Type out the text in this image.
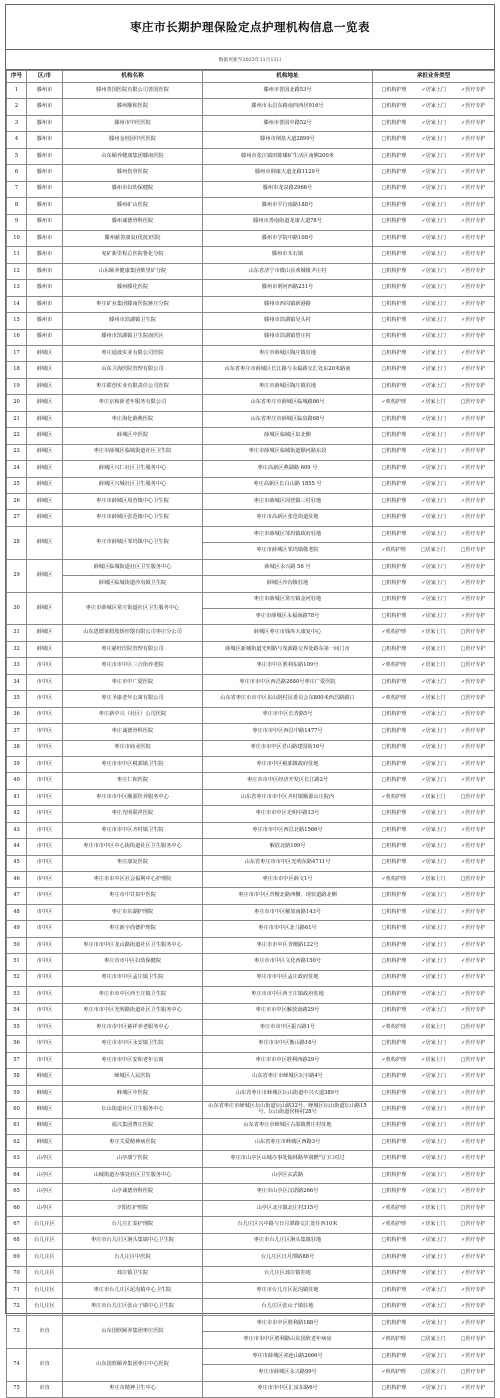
枣庄市长期护理保险定点护理机构信息一览表
数据更新至2025年11月13日
序号	区/市	机构名称	机构地址	承担业务类型
1	滕州市	滕州善国医院有限公司善国医院	滕州市善国北路53号	□机构护理 ✓居家上门 ✓医疗专护

2	滕州市	滕州顺和医院	滕州市永昌东路南四西居916号	□机构护理 ✓居家上门 ✓医疗专护

3	滕州市	滕州市中医医院	滕州市善国中路52号	□机构护理 ✓居家上门 ✓医疗专护

4	滕州市	滕州金桂园中医医院	滕州市荆泉大道2899号	□机构护理 ✓居家上门 ✓医疗专护

5	滕州市	山东颐养健康集团滕南医院	滕州市张汪镇田陈煤矿生活区南侧200米	□机构护理 ✓居家上门 ✓医疗专护

6	滕州市	滕州伤骨医院	滕州市荆康大道北路1129号	□机构护理 ✓居家上门 ✓医疗专护

7	滕州市	滕州市妇幼保健院	滕州市龙泉路2966号	□机构护理 ✓居家上门 ✓医疗专护

8	滕州市	滕州矿山医院	滕州市平行南路188号	□机构护理 ✓居家上门 ✓医疗专护

9	滕州市	滕州诚德骨科医院	滕州市善南街道龙康大道78号	□机构护理 ✓居家上门 ✓医疗专护

10	滕州市	滕州慈善康复(优抚)医院	滕州市学院中路108号	□机构护理 ✓居家上门 ✓医疗专护

11	滕州市	兖矿新里程总医院鲁化分院	滕州市木石镇	□机构护理 ✓居家上门 ✓医疗专护

12	滕州市	山东颐养健康集团柴里矿分院	山东省济宁市微山县欢城镇尹庄村	□机构护理 ✓居家上门 ✓医疗专护

13	滕州市	滕州滕化医院	滕州市荆河西路231号	□机构护理 ✓居家上门 ✓医疗专护

14	滕州市	枣庄矿业集团滕南医院蒋庄分院	滕州市西岗镇新港路	□机构护理 ✓居家上门 ✓医疗专护

15	滕州市	滕州市滨湖镇卫生院	滕州市滨湖镇吴头村	□机构护理 ✓居家上门 ✓医疗专护

16	滕州市	滕州市滨湖镇卫生院南医区	滕州市滨湖镇望庄村	□机构护理 ✓居家上门 ✓医疗专护

17	薛城区	枣庄通晟实业有限公司医院	枣庄市薛城区陶庄镇驻地	□机构护理 ✓居家上门 ✓医疗专护

18	薛城区	山东卫海医院管理有限公司	山东省枣庄市薛城区长江路与永福路交汇处东20米路南	□机构护理 ✓居家上门 ✓医疗专护

19	薛城区	枣庄联创实业有限责任公司医院	枣庄市薛城区陶庄镇驻地	□机构护理 ✓居家上门 ✓医疗专护

20	薛城区	枣庄京和新老年服务有限公司	山东省枣庄市薛城区临城路86号	✓机构护理 ✓居家上门 □医疗专护

21	薛城区	枣庄海化薛燕医院	山东省枣庄市薛城区临泉路68号	□机构护理 ✓居家上门 ✓医疗专护

22	薛城区	薛城区中医院	薛城区临城区泉北侧	□机构护理 ✓居家上门 ✓医疗专护

23	薛城区	枣庄市薛城区临城街道社区卫生院	枣庄市薛城区临城街道顺河路东段	□机构护理 ✓居家上门 ✓医疗专护

24	薛城区	薛城区兴仁社区卫生服务中心	枣庄高新区燕湖路 609 号	□机构护理 ✓居家上门 ✓医疗专护

25	薛城区	薛城区兴城社区卫生服务中心	枣庄高新区长白山路 1855 号	□机构护理 ✓居家上门 ✓医疗专护

26	薛城区	枣庄市薛城区周营镇中心卫生院	枣庄市薛城区周营镇三村驻地	□机构护理 ✓居家上门 ✓医疗专护

27	薛城区	枣庄市薛城区张范镇中心卫生院	枣庄市高新区张范街道驻地	□机构护理 ✓居家上门 ✓医疗专护

28	薛城区	枣庄市薛城区邹坞镇中心卫生院	枣庄市薛城区邹坞镇政府驻地	□机构护理 ✓居家上门 ✓医疗专护

			枣庄市薛城区邹坞镇敬老院	✓机构护理 □居家上门 □医疗专护

29	薛城区	薛城区临城街道社区卫生服务中心	薛城区永兴路 56 号	□机构护理 ✓居家上门 ✓医疗专护

		薛城区临城街道沙沟镇卫生院	薛城区沙沟镇驻地	□机构护理 ✓居家上门 ✓医疗专护

30	薛城区	枣庄市薛城区常庄街道社区卫生服务中心	枣庄市薛城区常庄镇金河驻地	□机构护理 ✓居家上门 ✓医疗专护

			枣庄市薛城区永福南路78号	□机构护理 ✓居家上门 ✓医疗专护

31	薛城区	山东恩德莱假肢矫形器有限公司枣庄分公司	薛城区枣庄市钱库大康复中心	✓机构护理 ✓居家上门 □医疗专护

32	薛城区	枣庄慈旺医院管理有限公司	薛城区新城街道光明路与茂源路交界处路东第一间门市	□机构护理 ✓居家上门 □医疗专护

33	市中区	枣庄市市中区三合街养老院	枣庄市中区胜利东路109号	✓机构护理 ✓居家上门 □医疗专护

34	市中区	枣庄市中广爱医院	枣庄市市中区西昌路2680号枣庄广爱医院	□机构护理 ✓居家上门 ✓医疗专护

35	市中区	枣庄圣康老年公寓有限公司	山东省枣庄市市中区东山阴村民委员会东800米西昌路路口	✓机构护理 ✓居家上门 □医疗专护

36	市中区	枣庄新中兴（社区）公司医院	枣庄市中区长青路5号	□机构护理 ✓居家上门 ✓医疗专护

37	市中区	枣庄诚德骨科医院	枣庄市市中区西昌中路1477号	□机构护理 ✓居家上门 ✓医疗专护

38	市中区	枣庄市商业医院	枣庄市市中区君山路建国街16号	□机构护理 ✓居家上门 ✓医疗专护

39	市中区	枣庄市市中区税郭镇卫生院	枣庄市中区税郭镇政府驻地	□机构护理 ✓居家上门 ✓医疗专护

40	市中区	枣庄仁和医院	枣庄市市中区经济开发区长江路2号	□机构护理 ✓居家上门 ✓医疗专护

41	市中区	枣庄市市中区顺源医养服务中心	山东省枣庄市市中区齐村镇顺源山庄院内	✓机构护理 ✓居家上门 □医疗专护

42	市中区	枣庄光明联祥医院	枣庄市市中区光明中路13号	□机构护理 ✓居家上门 ✓医疗专护

43	市中区	枣庄市市中区齐村镇卫生院	枣庄市市中区西昌北路1566号	□机构护理 ✓居家上门 ✓医疗专护

44	市中区	枣庄市市中区中心街街道社区卫生服务中心	解放北路199号	□机构护理 ✓居家上门 ✓医疗专护

45	市中区	枣庄康复医院	山东省枣庄市市中区光明东路4711号	□机构护理 ✓居家上门 ✓医疗专护

46	市中区	枣庄市市中区社会福利中心护理院	枣庄市市中区薛文1号	✓机构护理 ✓居家上门 □医疗专护

47	市中区	枣庄市中甘泉中医院	枣庄市市中区青檀北路西侧、现状道路北侧	□机构护理 ✓居家上门 ✓医疗专护

48	市中区	枣庄市东湖护理院	枣庄市市中区解放南路143号	□机构护理 ✓居家上门 ✓医疗专护

49	市中区	枣庄新宇尚德护理院	枣庄市市中区北马路61号	□机构护理 ✓居家上门 ✓医疗专护

50	市中区	枣庄市市中区龙山路街道社区卫生服务中心	枣庄市市中区青檀路122号	□机构护理 ✓居家上门 ✓医疗专护

51	市中区	枣庄市市中区妇幼保健院	枣庄市市中区文化西路150号	□机构护理 ✓居家上门 ✓医疗专护

52	市中区	枣庄市市中区孟庄镇卫生院	枣庄市市中区孟庄政府驻地	□机构护理 ✓居家上门 ✓医疗专护

53	市中区	枣庄市市中区西王庄镇卫生院	枣庄市市中区西王庄镇政府驻地	□机构护理 ✓居家上门 ✓医疗专护

54	市中区	枣庄市市中区光明路街道社区卫生服务中心	枣庄市市中区解放南路29号	□机构护理 ✓居家上门 ✓医疗专护

55	市中区	枣庄市市中区慈祥养老服务中心	枣庄市市中区振兴路1号	✓机构护理 ✓居家上门 □医疗专护

56	市中区	枣庄市市中区永安镇卫生院	枣庄市市中区衡山路16号	□机构护理 ✓居家上门 ✓医疗专护

57	市中区	枣庄市市中区安和老年公寓	枣庄市市中区胜利西路29号	✓机构护理 ✓居家上门 □医疗专护

58	峄城区	峄城区人民医院	山东省枣庄市峄城区坛宇路4号	□机构护理 ✓居家上门 ✓医疗专护

59	峄城区	峄城区中医院	山东省枣庄市峄城区坛山街道中兴大道389号	□机构护理 ✓居家上门 ✓医疗专护

60	峄城区	坛山街道社区卫生服务中心	山东省枣庄市峄城区坛山街道坛山路32号、峄城区坛山街道坛山路15号、坛山街道侯桥村28号	□机构护理 ✓居家上门 ✓医疗专护

61	峄城区	福兴集团曹庄医院	山东省枣庄市峄城区古邵镇曹庄村驻地	□机构护理 ✓居家上门 ✓医疗专护

62	峄城区	枣庄关爱精神病医院	山东省枣庄市峄城区西路3号	□机构护理 ✓居家上门 ✓医疗专护

63	山亭区	山亭康宁医院	枣庄市山亭区山城办事处翰林路华润燃气门口对过	□机构护理 ✓居家上门 ✓医疗专护

64	山亭区	山城街道办事处社区卫生服务中心	山亭区玄武路	□机构护理 ✓居家上门 ✓医疗专护

65	山亭区	山亭诚德骨科医院	枣庄市山亭区汉诺路266号	□机构护理 ✓居家上门 ✓医疗专护

66	山亭区	夕阳红护理院	山亭区北庄镇北庄村315号	✓机构护理 ✓居家上门 □医疗专护

67	台儿庄区	台儿庄汇泰护理院	台儿庄区兴中路与日月潭路交汇处往西10米	✓机构护理 ✓居家上门 □医疗专护

68	台儿庄区	枣庄市台儿庄区涧头集镇中心卫生院	枣庄市台儿庄区涧头集镇驻地	□机构护理 ✓居家上门 ✓医疗专护

69	台儿庄区	台儿庄区中医院	台儿庄区日月潭路88号	□机构护理 ✓居家上门 ✓医疗专护

70	台儿庄区	邳庄镇卫生院	台儿庄区邳庄镇驻地	□机构护理 ✓居家上门 ✓医疗专护

71	台儿庄区	枣庄市台儿庄区泥沟镇中心卫生院	枣庄市台儿庄区泥沟镇驻地	□机构护理 ✓居家上门 ✓医疗专护

72	台儿庄区	枣庄市台儿庄区张山子镇中心卫生院	台儿庄区张山子镇驻地	□机构护理 ✓居家上门 ✓医疗专护

73	市直	山东国欣颐养集团枣庄医院	枣庄市市中区胜利路188号	□机构护理 ✓居家上门 ✓医疗专护

			枣庄市市中区胜利路山东国欣老年病房	✓机构护理 □居家上门 □医疗专护

74	市直	山东国欣颐养集团枣庄中心医院	枣庄市薛城区祁连山路2666号	□机构护理 ✓居家上门 ✓医疗专护

			枣庄市薛城区永兴路99号	✓机构护理 □居家上门 □医疗专护

75	市直	枣庄市精神卫生中心	枣庄市市中区汇泉东路6号	□机构护理 ✓居家上门 ✓医疗专护
